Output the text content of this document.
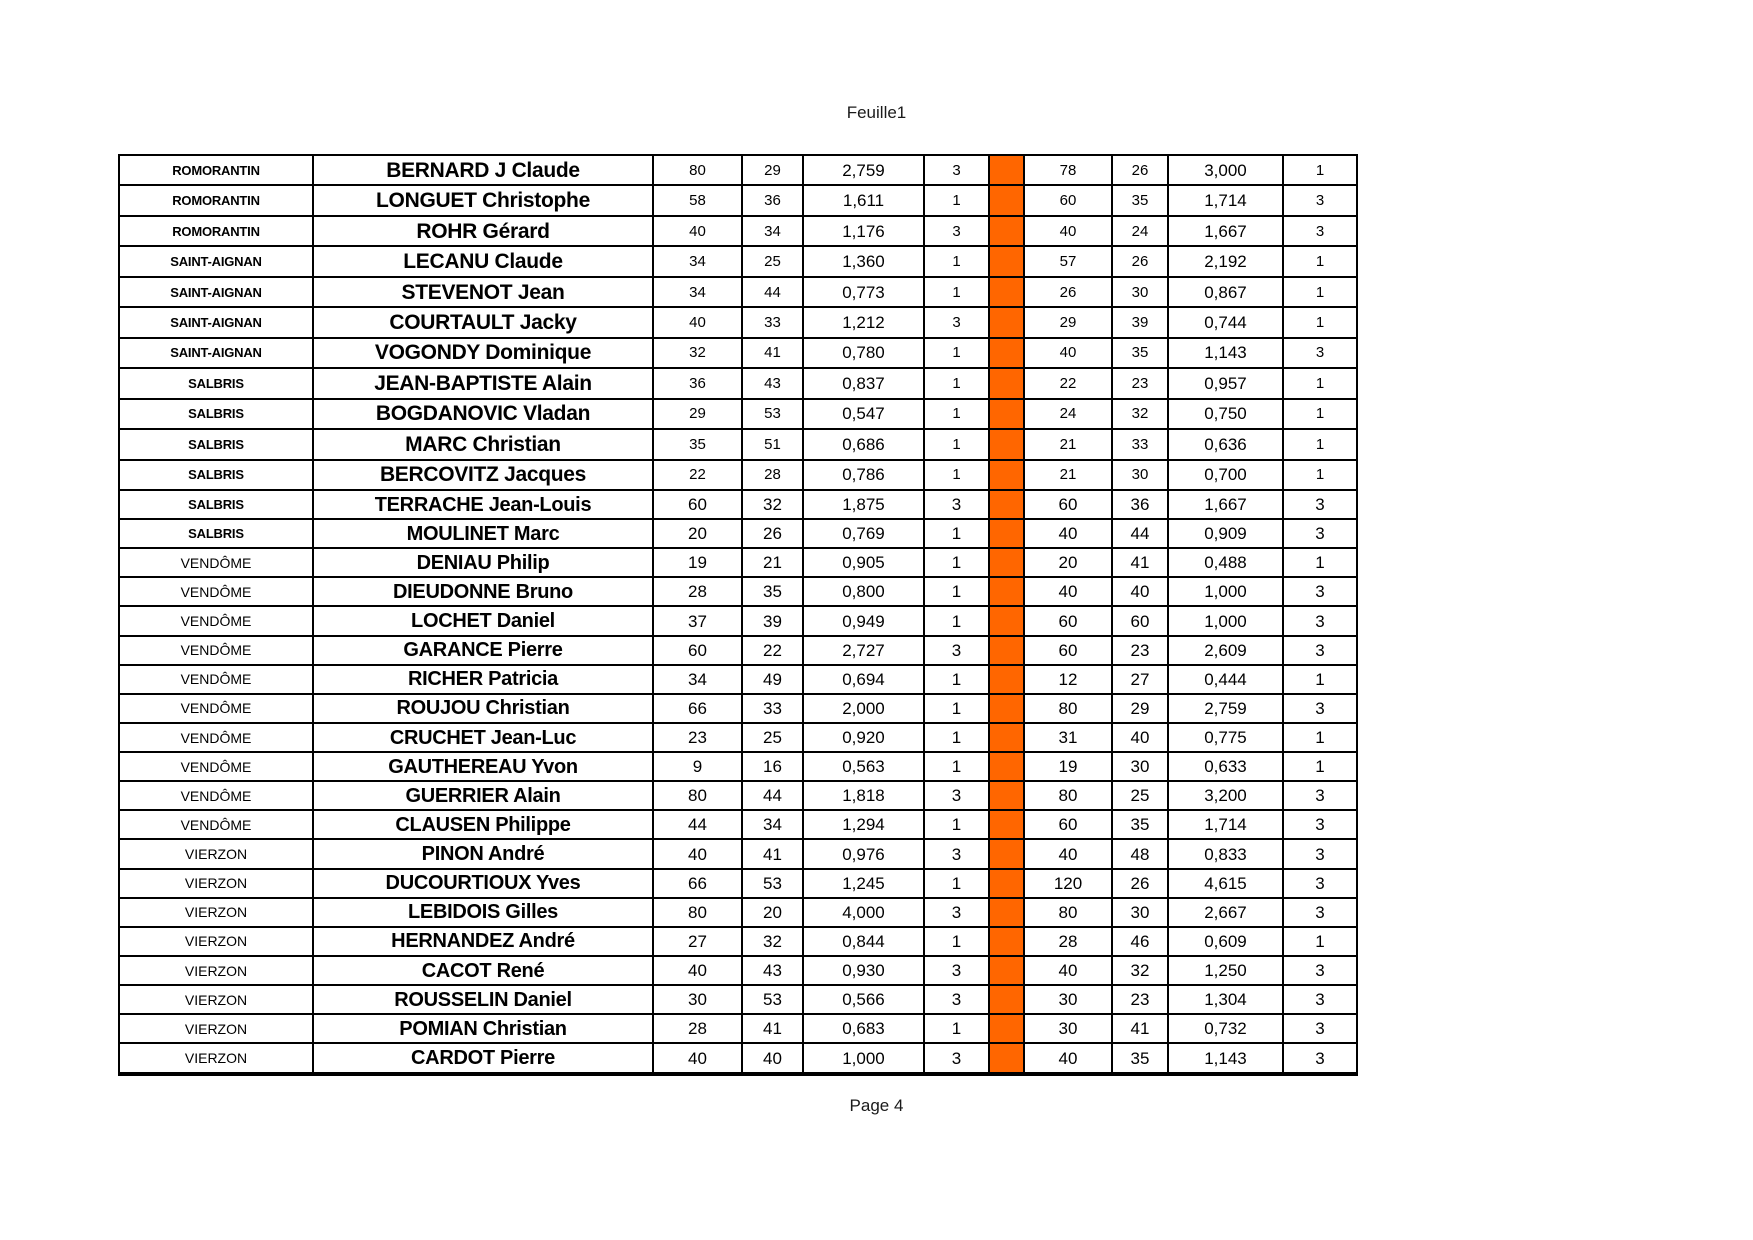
Feuille1
ROMORANTIN	BERNARD J Claude	80	29	2,759	3		78	26	3,000	1
ROMORANTIN	LONGUET Christophe	58	36	1,611	1		60	35	1,714	3
ROMORANTIN	ROHR Gérard	40	34	1,176	3		40	24	1,667	3
SAINT-AIGNAN	LECANU Claude	34	25	1,360	1		57	26	2,192	1
SAINT-AIGNAN	STEVENOT Jean	34	44	0,773	1		26	30	0,867	1
SAINT-AIGNAN	COURTAULT Jacky	40	33	1,212	3		29	39	0,744	1
SAINT-AIGNAN	VOGONDY Dominique	32	41	0,780	1		40	35	1,143	3
SALBRIS	JEAN-BAPTISTE Alain	36	43	0,837	1		22	23	0,957	1
SALBRIS	BOGDANOVIC Vladan	29	53	0,547	1		24	32	0,750	1
SALBRIS	MARC Christian	35	51	0,686	1		21	33	0,636	1
SALBRIS	BERCOVITZ Jacques	22	28	0,786	1		21	30	0,700	1
SALBRIS	TERRACHE Jean-Louis	60	32	1,875	3		60	36	1,667	3
SALBRIS	MOULINET Marc	20	26	0,769	1		40	44	0,909	3
VENDÔME	DENIAU Philip	19	21	0,905	1		20	41	0,488	1
VENDÔME	DIEUDONNE Bruno	28	35	0,800	1		40	40	1,000	3
VENDÔME	LOCHET Daniel	37	39	0,949	1		60	60	1,000	3
VENDÔME	GARANCE Pierre	60	22	2,727	3		60	23	2,609	3
VENDÔME	RICHER Patricia	34	49	0,694	1		12	27	0,444	1
VENDÔME	ROUJOU Christian	66	33	2,000	1		80	29	2,759	3
VENDÔME	CRUCHET Jean-Luc	23	25	0,920	1		31	40	0,775	1
VENDÔME	GAUTHEREAU Yvon	9	16	0,563	1		19	30	0,633	1
VENDÔME	GUERRIER Alain	80	44	1,818	3		80	25	3,200	3
VENDÔME	CLAUSEN Philippe	44	34	1,294	1		60	35	1,714	3
VIERZON	PINON André	40	41	0,976	3		40	48	0,833	3
VIERZON	DUCOURTIOUX Yves	66	53	1,245	1		120	26	4,615	3
VIERZON	LEBIDOIS Gilles	80	20	4,000	3		80	30	2,667	3
VIERZON	HERNANDEZ André	27	32	0,844	1		28	46	0,609	1
VIERZON	CACOT René	40	43	0,930	3		40	32	1,250	3
VIERZON	ROUSSELIN Daniel	30	53	0,566	3		30	23	1,304	3
VIERZON	POMIAN Christian	28	41	0,683	1		30	41	0,732	3
VIERZON	CARDOT Pierre	40	40	1,000	3		40	35	1,143	3
Page 4
